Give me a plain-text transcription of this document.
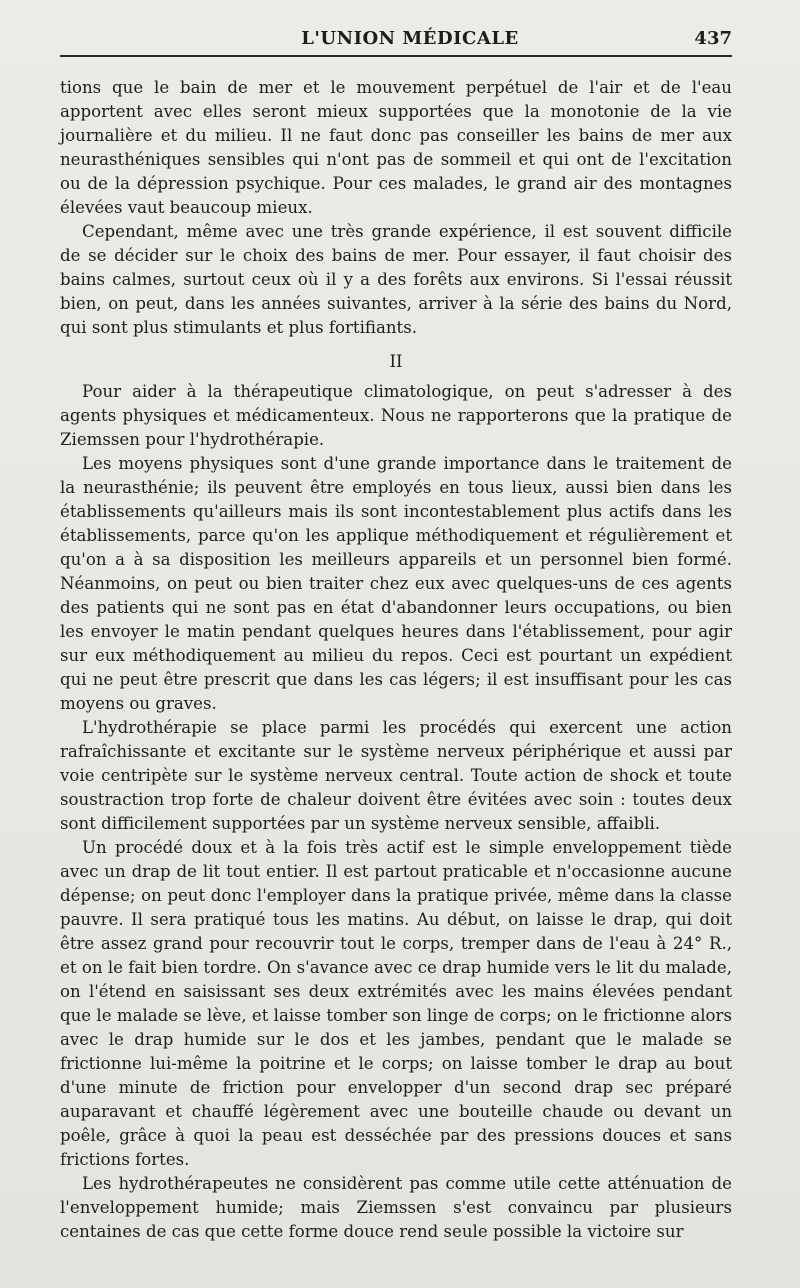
L'UNION MÉDICALE	437

tions que le bain de mer et le mouvement perpétuel de l'air et de l'eau apportent avec elles seront mieux supportées que la monotonie de la vie journalière et du milieu. Il ne faut donc pas conseiller les bains de mer aux neurasthéniques sensibles qui n'ont pas de sommeil et qui ont de l'excitation ou de la dépression psychique. Pour ces malades, le grand air des montagnes élevées vaut beaucoup mieux.

Cependant, même avec une très grande expérience, il est souvent difficile de se décider sur le choix des bains de mer. Pour essayer, il faut choisir des bains calmes, surtout ceux où il y a des forêts aux environs. Si l'essai réussit bien, on peut, dans les années suivantes, arriver à la série des bains du Nord, qui sont plus stimulants et plus fortifiants.

II

Pour aider à la thérapeutique climatologique, on peut s'adresser à des agents physiques et médicamenteux. Nous ne rapporterons que la pratique de Ziemssen pour l'hydrothérapie.

Les moyens physiques sont d'une grande importance dans le traitement de la neurasthénie; ils peuvent être employés en tous lieux, aussi bien dans les établissements qu'ailleurs mais ils sont incontestablement plus actifs dans les établissements, parce qu'on les applique méthodiquement et régulièrement et qu'on a à sa disposition les meilleurs appareils et un personnel bien formé. Néanmoins, on peut ou bien traiter chez eux avec quelques-uns de ces agents des patients qui ne sont pas en état d'abandonner leurs occupations, ou bien les envoyer le matin pendant quelques heures dans l'établissement, pour agir sur eux méthodiquement au milieu du repos. Ceci est pourtant un expédient qui ne peut être prescrit que dans les cas légers; il est insuffisant pour les cas moyens ou graves.

L'hydrothérapie se place parmi les procédés qui exercent une action rafraîchissante et excitante sur le système nerveux périphérique et aussi par voie centripète sur le système nerveux central. Toute action de shock et toute soustraction trop forte de chaleur doivent être évitées avec soin : toutes deux sont difficilement supportées par un système nerveux sensible, affaibli.

Un procédé doux et à la fois très actif est le simple enveloppement tiède avec un drap de lit tout entier. Il est partout praticable et n'occasionne aucune dépense; on peut donc l'employer dans la pratique privée, même dans la classe pauvre. Il sera pratiqué tous les matins. Au début, on laisse le drap, qui doit être assez grand pour recouvrir tout le corps, tremper dans de l'eau à 24° R., et on le fait bien tordre. On s'avance avec ce drap humide vers le lit du malade, on l'étend en saisissant ses deux extrémités avec les mains élevées pendant que le malade se lève, et laisse tomber son linge de corps; on le frictionne alors avec le drap humide sur le dos et les jambes, pendant que le malade se frictionne lui-même la poitrine et le corps; on laisse tomber le drap au bout d'une minute de friction pour envelopper d'un second drap sec préparé auparavant et chauffé légèrement avec une bouteille chaude ou devant un poêle, grâce à quoi la peau est desséchée par des pressions douces et sans frictions fortes.

Les hydrothérapeutes ne considèrent pas comme utile cette atténuation de l'enveloppement humide; mais Ziemssen s'est convaincu par plusieurs centaines de cas que cette forme douce rend seule possible la victoire sur
